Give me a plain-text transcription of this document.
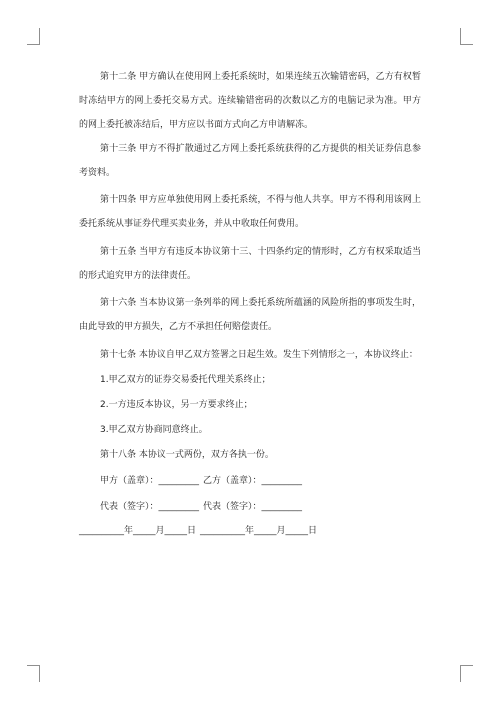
第十二条 甲方确认在使用网上委托系统时，如果连续五次输错密码，乙方有权暂
时冻结甲方的网上委托交易方式。连续输错密码的次数以乙方的电脑记录为准。甲方
的网上委托被冻结后，甲方应以书面方式向乙方申请解冻。
第十三条 甲方不得扩散通过乙方网上委托系统获得的乙方提供的相关证券信息参
考资料。
第十四条 甲方应单独使用网上委托系统，不得与他人共享。甲方不得利用该网上
委托系统从事证券代理买卖业务，并从中收取任何费用。
第十五条 当甲方有违反本协议第十三、十四条约定的情形时，乙方有权采取适当
的形式追究甲方的法律责任。
第十六条 当本协议第一条列举的网上委托系统所蕴涵的风险所指的事项发生时，
由此导致的甲方损失，乙方不承担任何赔偿责任。
第十七条 本协议自甲乙双方签署之日起生效。发生下列情形之一，本协议终止：
1.甲乙双方的证券交易委托代理关系终止；
2.一方违反本协议，另一方要求终止；
3.甲乙双方协商同意终止。
第十八条 本协议一式两份，双方各执一份。
甲方（盖章）：_________ 乙方（盖章）：_________
代表（签字）：_________ 代表（签字）：_________
__________年_____月_____日 __________年_____月_____日
